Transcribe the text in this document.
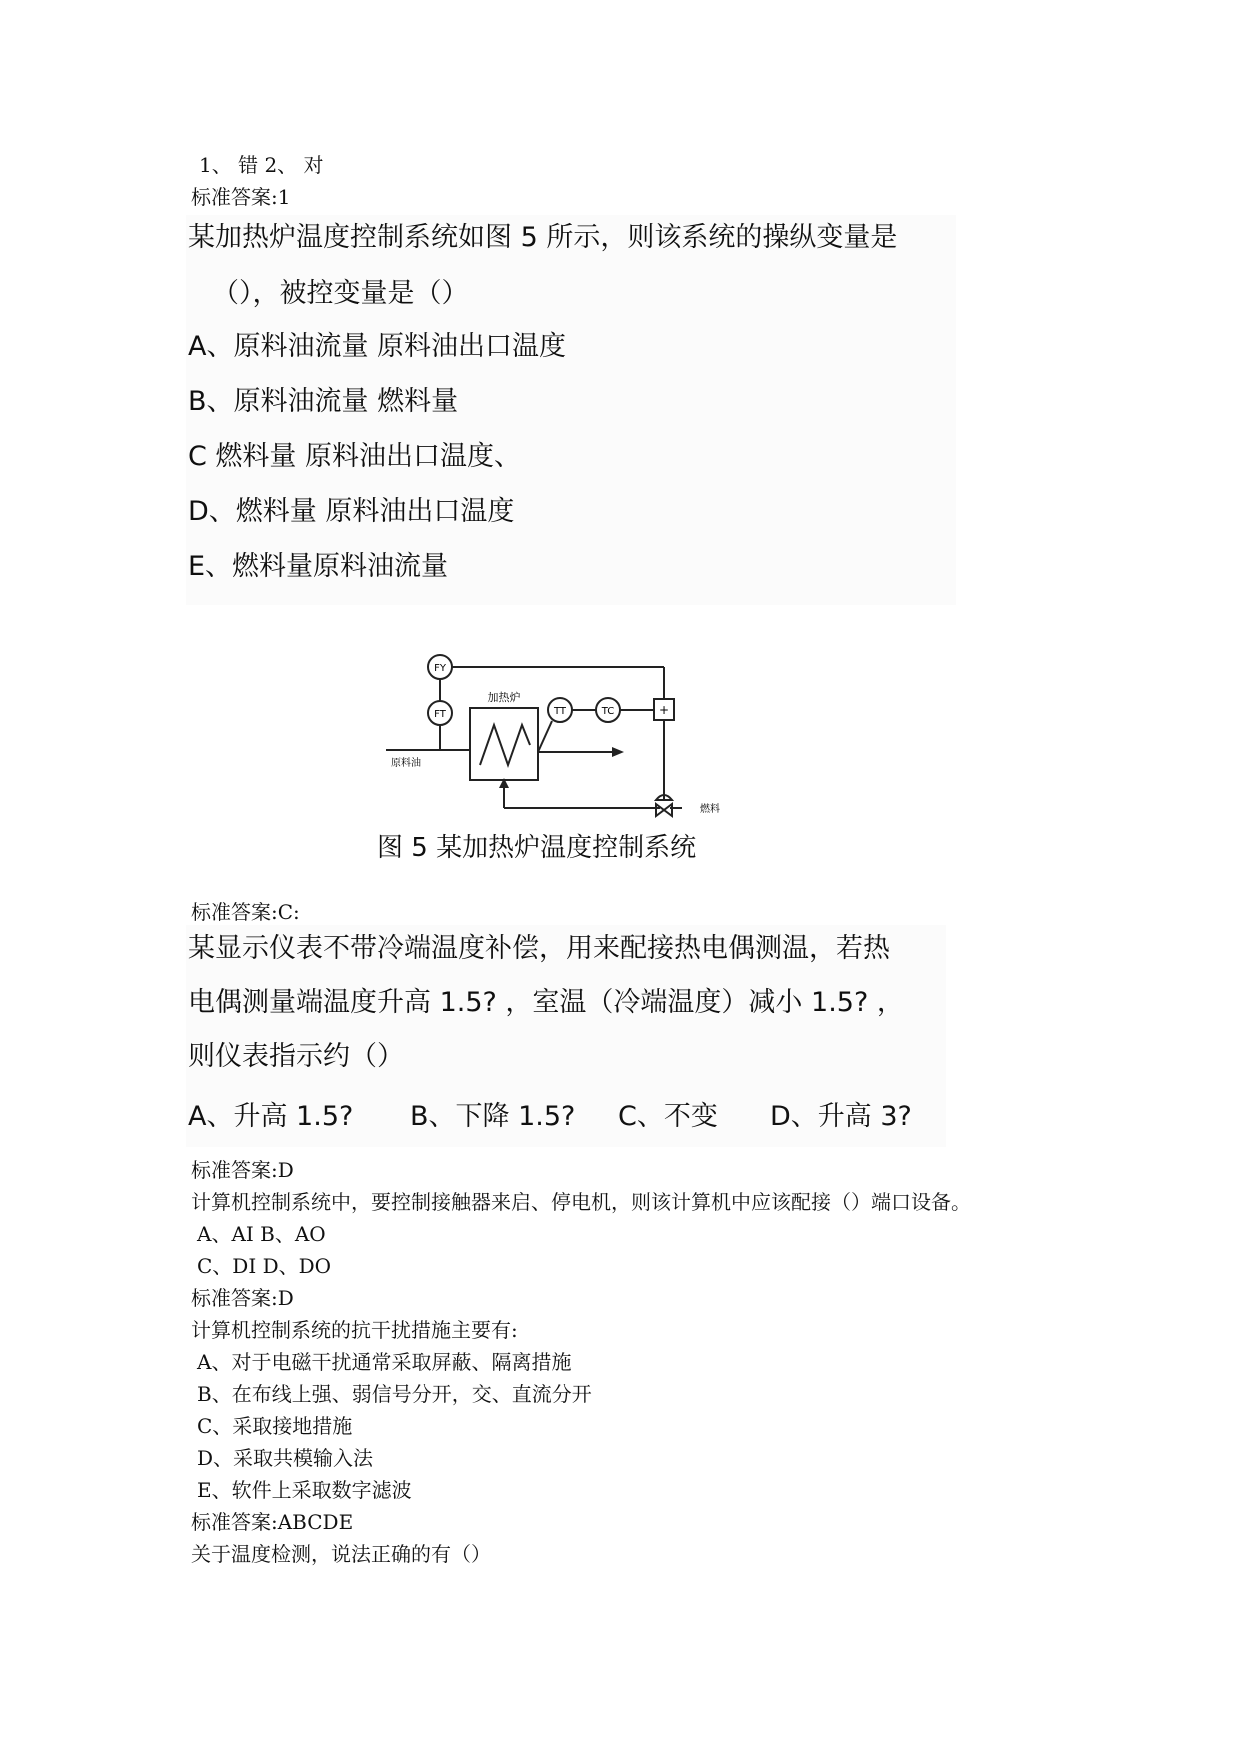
1、 错 2、 对
标准答案:1
某加热炉温度控制系统如图 5 所示，则该系统的操纵变量是
（），被控变量是（）
A、原料油流量 原料油出口温度
B、原料油流量 燃料量
C 燃料量 原料油出口温度、
D、燃料量 原料油出口温度
E、燃料量原料油流量
FY
FT	TT	TC	+
加热炉
原料油
燃料
图 5 某加热炉温度控制系统
标准答案:C:
某显示仪表不带冷端温度补偿，用来配接热电偶测温，若热
电偶测量端温度升高 1.5? ，室温（冷端温度）减小 1.5? ，
则仪表指示约（）
A、升高 1.5? B、下降 1.5? C、不变 D、升高 3?
标准答案:D
计算机控制系统中，要控制接触器来启、停电机，则该计算机中应该配接（）端口设备。
A、AI B、AO
C、DI D、DO
标准答案:D
计算机控制系统的抗干扰措施主要有:
A、对于电磁干扰通常采取屏蔽、隔离措施
B、在布线上强、弱信号分开，交、直流分开
C、采取接地措施
D、采取共模输入法
E、软件上采取数字滤波
标准答案:ABCDE
关于温度检测，说法正确的有（）
